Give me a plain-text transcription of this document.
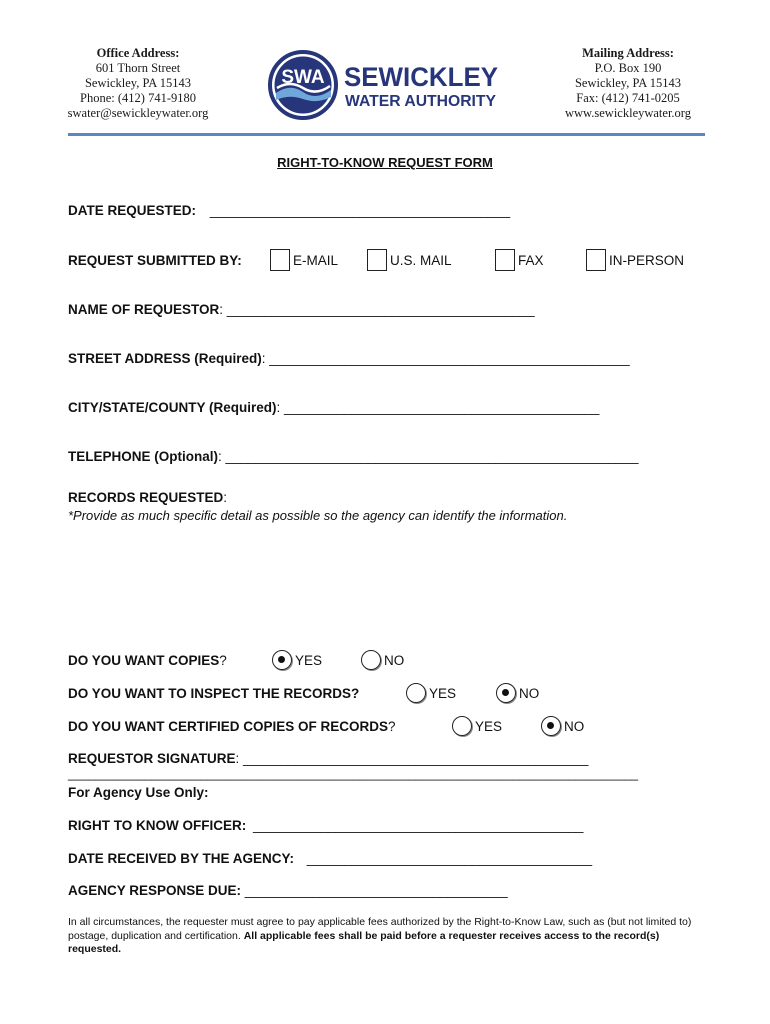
Office Address:
601 Thorn Street
Sewickley, PA 15143
Phone: (412) 741-9180
swater@sewickleywater.org
SWA SEWICKLEY
WATER AUTHORITY
Mailing Address:
P.O. Box 190
Sewickley, PA 15143
Fax: (412) 741-0205
www.sewickleywater.org
RIGHT-TO-KNOW REQUEST FORM
DATE REQUESTED: ________________________________________
REQUEST SUBMITTED BY:	E-MAIL	U.S. MAIL	FAX	IN-PERSON
NAME OF REQUESTOR: _________________________________________
STREET ADDRESS (Required): ________________________________________________
CITY/STATE/COUNTY (Required): __________________________________________
TELEPHONE (Optional): _______________________________________________________
RECORDS REQUESTED:
*Provide as much specific detail as possible so the agency can identify the information.
DO YOU WANT COPIES?	YES	NO
DO YOU WANT TO INSPECT THE RECORDS?	YES	NO
DO YOU WANT CERTIFIED COPIES OF RECORDS?	YES	NO
REQUESTOR SIGNATURE: ______________________________________________
__________________________________________________________________________________
For Agency Use Only:
RIGHT TO KNOW OFFICER: ____________________________________________
DATE RECEIVED BY THE AGENCY: ______________________________________
AGENCY RESPONSE DUE: ___________________________________
In all circumstances, the requester must agree to pay applicable fees authorized by the Right-to-Know Law, such as (but not limited to) postage, duplication and certification. All applicable fees shall be paid before a requester receives access to the record(s) requested.
